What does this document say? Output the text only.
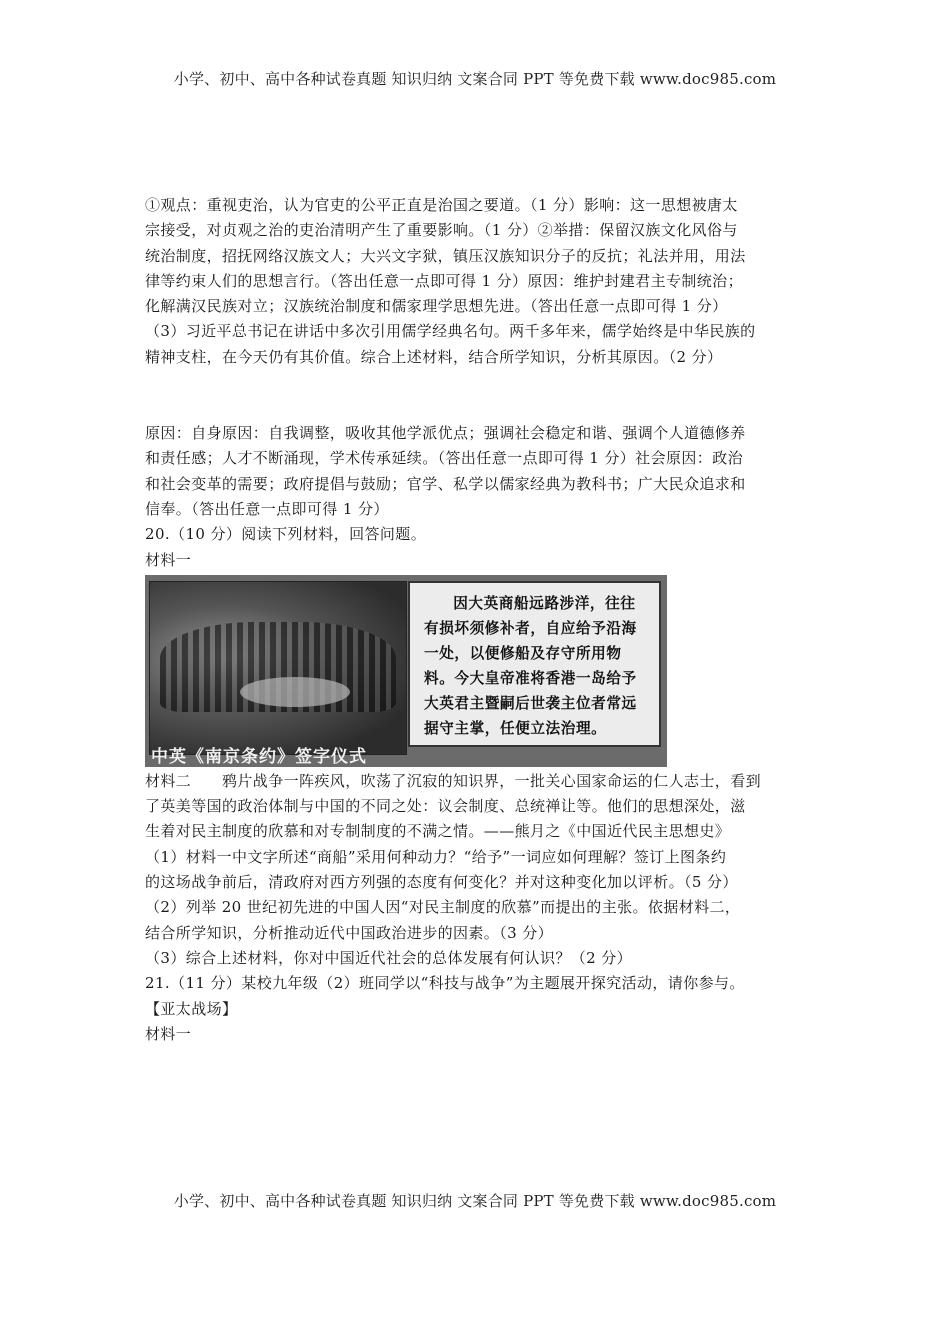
小学、初中、高中各种试卷真题 知识归纳 文案合同 PPT 等免费下载 www.doc985.com

①观点：重视吏治，认为官吏的公平正直是治国之要道。（1 分）影响：这一思想被唐太

宗接受，对贞观之治的吏治清明产生了重要影响。（1 分）②举措：保留汉族文化风俗与

统治制度，招抚网络汉族文人；大兴文字狱，镇压汉族知识分子的反抗；礼法并用，用法

律等约束人们的思想言行。（答出任意一点即可得 1 分）原因：维护封建君主专制统治；

化解满汉民族对立；汉族统治制度和儒家理学思想先进。（答出任意一点即可得 1 分）

（3）习近平总书记在讲话中多次引用儒学经典名句。两千多年来，儒学始终是中华民族的

精神支柱，在今天仍有其价值。综合上述材料，结合所学知识，分析其原因。（2 分）

原因：自身原因：自我调整，吸收其他学派优点；强调社会稳定和谐、强调个人道德修养

和责任感；人才不断涌现，学术传承延续。（答出任意一点即可得 1 分）社会原因：政治

和社会变革的需要；政府提倡与鼓励；官学、私学以儒家经典为教科书；广大民众追求和

信奉。（答出任意一点即可得 1 分）

20.（10 分）阅读下列材料，回答问题。

材料一

因大英商船远路涉洋，往往有损坏须修补者，自应给予沿海一处，以便修船及存守所用物料。今大皇帝准将香港一岛给予大英君主暨嗣后世袭主位者常远据守主掌，任便立法治理。
中英《南京条约》签字仪式

材料二　　鸦片战争一阵疾风，吹荡了沉寂的知识界，一批关心国家命运的仁人志士，看到

了英美等国的政治体制与中国的不同之处：议会制度、总统禅让等。他们的思想深处，滋

生着对民主制度的欣慕和对专制制度的不满之情。——熊月之《中国近代民主思想史》

（1）材料一中文字所述“商船”采用何种动力？“给予”一词应如何理解？签订上图条约

的这场战争前后，清政府对西方列强的态度有何变化？并对这种变化加以评析。（5 分）

（2）列举 20 世纪初先进的中国人因“对民主制度的欣慕”而提出的主张。依据材料二，

结合所学知识，分析推动近代中国政治进步的因素。（3 分）

（3）综合上述材料，你对中国近代社会的总体发展有何认识？（2 分）

21.（11 分）某校九年级（2）班同学以“科技与战争”为主题展开探究活动，请你参与。

【亚太战场】

材料一

小学、初中、高中各种试卷真题 知识归纳 文案合同 PPT 等免费下载 www.doc985.com
